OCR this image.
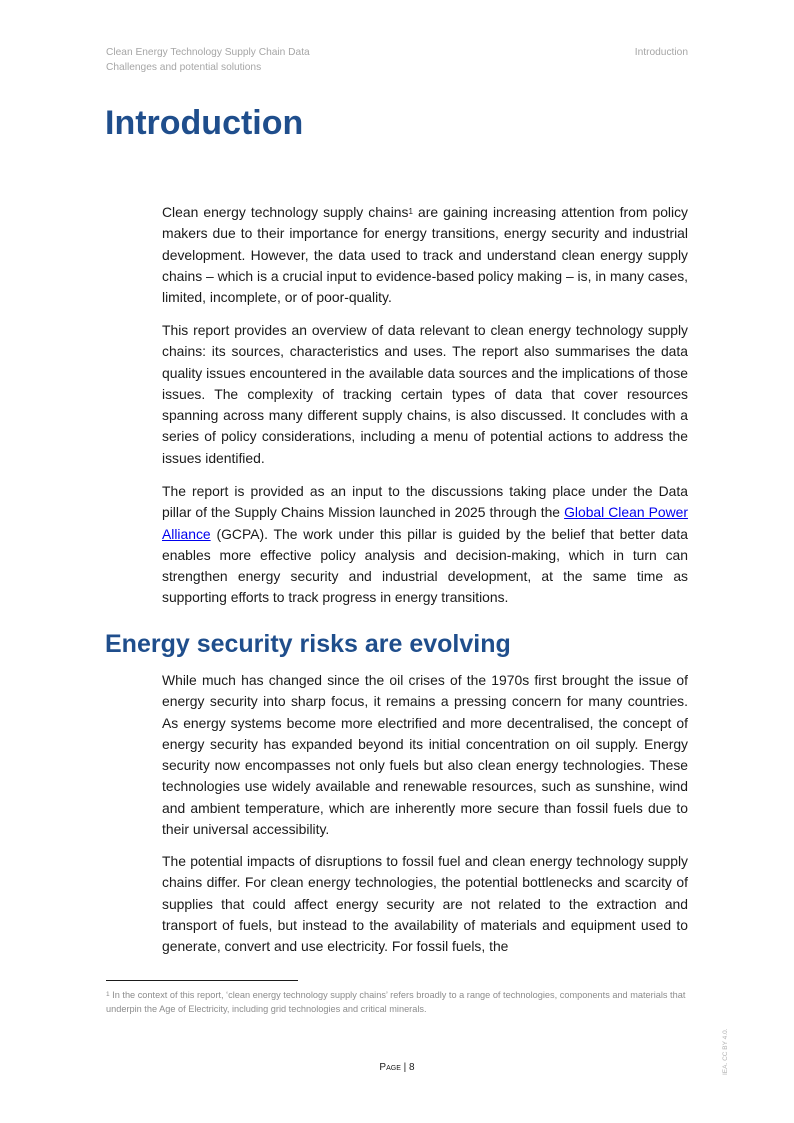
Clean Energy Technology Supply Chain Data
Challenges and potential solutions
Introduction
Introduction

Clean energy technology supply chains$^1$ are gaining increasing attention from policy makers due to their importance for energy transitions, energy security and industrial development. However, the data used to track and understand clean energy supply chains – which is a crucial input to evidence-based policy making – is, in many cases, limited, incomplete, or of poor-quality.

This report provides an overview of data relevant to clean energy technology supply chains: its sources, characteristics and uses. The report also summarises the data quality issues encountered in the available data sources and the implications of those issues. The complexity of tracking certain types of data that cover resources spanning across many different supply chains, is also discussed. It concludes with a series of policy considerations, including a menu of potential actions to address the issues identified.

The report is provided as an input to the discussions taking place under the Data pillar of the Supply Chains Mission launched in 2025 through the Global Clean Power Alliance (GCPA). The work under this pillar is guided by the belief that better data enables more effective policy analysis and decision-making, which in turn can strengthen energy security and industrial development, at the same time as supporting efforts to track progress in energy transitions.

Energy security risks are evolving

While much has changed since the oil crises of the 1970s first brought the issue of energy security into sharp focus, it remains a pressing concern for many countries. As energy systems become more electrified and more decentralised, the concept of energy security has expanded beyond its initial concentration on oil supply. Energy security now encompasses not only fuels but also clean energy technologies. These technologies use widely available and renewable resources, such as sunshine, wind and ambient temperature, which are inherently more secure than fossil fuels due to their universal accessibility.

The potential impacts of disruptions to fossil fuel and clean energy technology supply chains differ. For clean energy technologies, the potential bottlenecks and scarcity of supplies that could affect energy security are not related to the extraction and transport of fuels, but instead to the availability of materials and equipment used to generate, convert and use electricity. For fossil fuels, the

$^1$ In the context of this report, ‘clean energy technology supply chains’ refers broadly to a range of technologies, components and materials that underpin the Age of Electricity, including grid technologies and critical minerals.
Page | 8	IEA. CC BY 4.0.
